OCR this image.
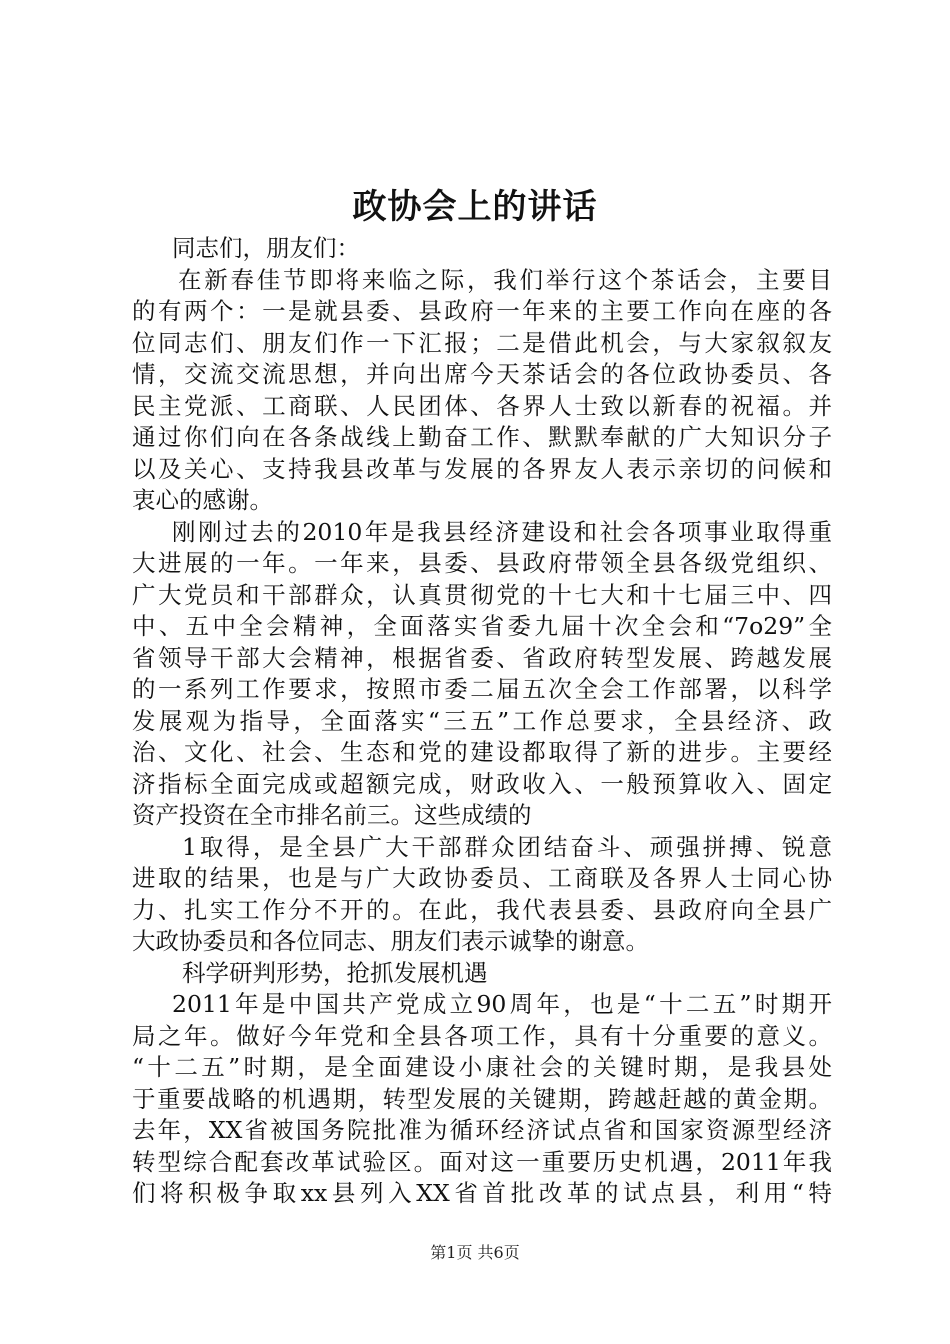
政协会上的讲话
同志们，朋友们：
在新春佳节即将来临之际，我们举行这个茶话会，主要目
的有两个：一是就县委、县政府一年来的主要工作向在座的各
位同志们、朋友们作一下汇报；二是借此机会，与大家叙叙友
情，交流交流思想，并向出席今天茶话会的各位政协委员、各
民主党派、工商联、人民团体、各界人士致以新春的祝福。并
通过你们向在各条战线上勤奋工作、默默奉献的广大知识分子
以及关心、支持我县改革与发展的各界友人表示亲切的问候和
衷心的感谢。
刚刚过去的2010年是我县经济建设和社会各项事业取得重
大进展的一年。一年来，县委、县政府带领全县各级党组织、
广大党员和干部群众，认真贯彻党的十七大和十七届三中、四
中、五中全会精神，全面落实省委九届十次全会和“7o29”全
省领导干部大会精神，根据省委、省政府转型发展、跨越发展
的一系列工作要求，按照市委二届五次全会工作部署，以科学
发展观为指导，全面落实“三五”工作总要求，全县经济、政
治、文化、社会、生态和党的建设都取得了新的进步。主要经
济指标全面完成或超额完成，财政收入、一般预算收入、固定
资产投资在全市排名前三。这些成绩的
1取得，是全县广大干部群众团结奋斗、顽强拼搏、锐意
进取的结果，也是与广大政协委员、工商联及各界人士同心协
力、扎实工作分不开的。在此，我代表县委、县政府向全县广
大政协委员和各位同志、朋友们表示诚挚的谢意。
科学研判形势，抢抓发展机遇
2011年是中国共产党成立90周年，也是“十二五”时期开
局之年。做好今年党和全县各项工作，具有十分重要的意义。
“十二五”时期，是全面建设小康社会的关键时期，是我县处
于重要战略的机遇期，转型发展的关键期，跨越赶越的黄金期。
去年，XX省被国务院批准为循环经济试点省和国家资源型经济
转型综合配套改革试验区。面对这一重要历史机遇，2011年我
们将积极争取xx县列入XX省首批改革的试点县，利用“特
第1页 共6页
